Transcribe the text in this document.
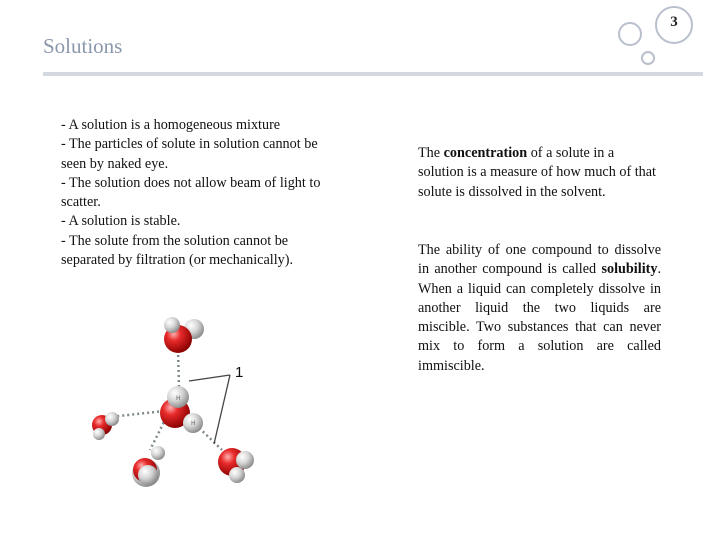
3
Solutions
- A solution is a homogeneous mixture
- The particles of solute in solution cannot be seen by naked eye.
- The solution does not allow beam of light to scatter.
- A solution is stable.
- The solute from the solution cannot be separated by filtration (or mechanically).
The concentration of a solute in a solution is a measure of how much of that solute is dissolved in the solvent.
The ability of one compound to dissolve in another compound is called solubility. When a liquid can completely dissolve in another liquid the two liquids are miscible. Two substances that can never mix to form a solution are called immiscible.
1
H
H
